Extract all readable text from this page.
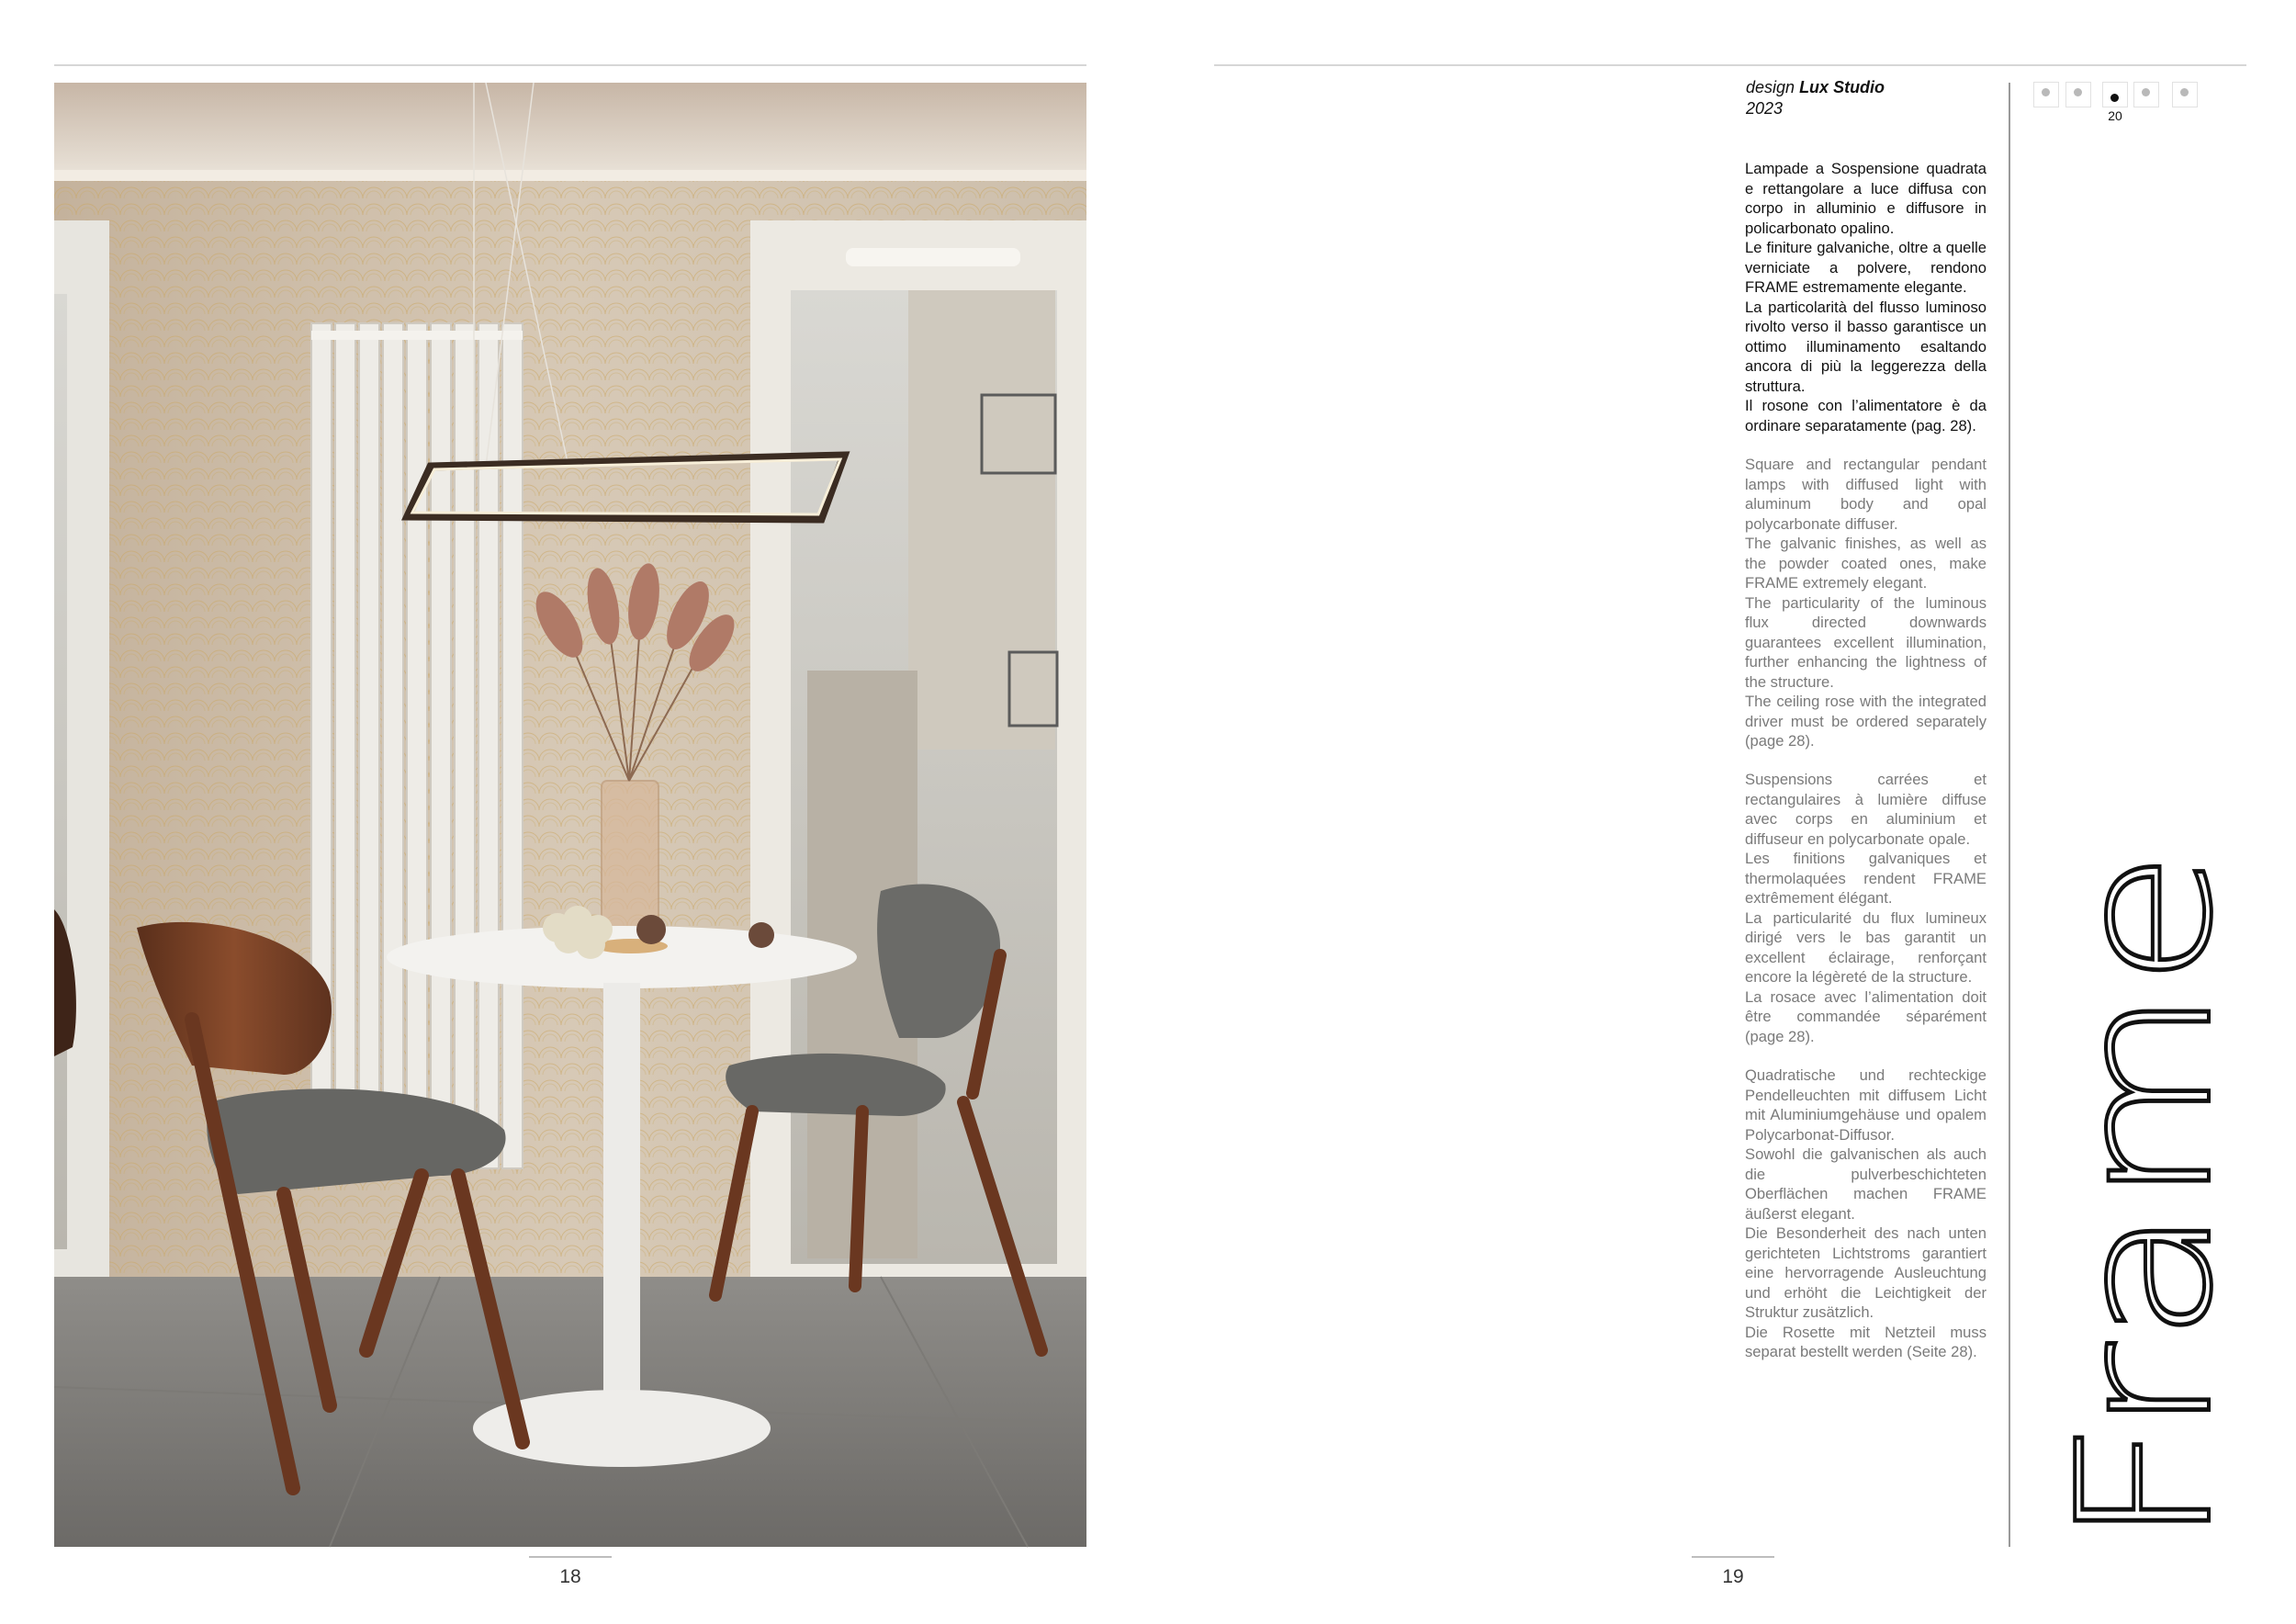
18	19
design Lux Studio
2023

Lampade a Sospensione quadrata e rettangolare a luce diffusa con corpo in alluminio e diffusore in policarbonato opalino.

Le finiture galvaniche, oltre a quelle verniciate a polvere, rendono FRAME estremamente elegante.

La particolarità del flusso luminoso rivolto verso il basso garantisce un ottimo illuminamento esaltando ancora di più la leggerezza della struttura.

Il rosone con l’alimentatore è da ordinare separatamente (pag. 28).

Square and rectangular pendant lamps with diffused light with aluminum body and opal polycarbonate diffuser.

The galvanic finishes, as well as the powder coated ones, make FRAME extremely elegant.

The particularity of the luminous flux directed downwards guarantees excellent illumination, further enhancing the lightness of the structure.

The ceiling rose with the integrated driver must be ordered separately (page 28).

Suspensions carrées et rectangulaires à lumière diffuse avec corps en aluminium et diffuseur en polycarbonate opale.

Les finitions galvaniques et thermolaquées rendent FRAME extrêmement élégant.

La particularité du flux lumineux dirigé vers le bas garantit un excellent éclairage, renforçant encore la légèreté de la structure.

La rosace avec l’alimentation doit être commandée séparément (page 28).

Quadratische und rechteckige Pendelleuchten mit diffusem Licht mit Aluminiumgehäuse und opalem Polycarbonat-Diffusor.

Sowohl die galvanischen als auch die pulverbeschichteten Oberflächen machen FRAME äußerst elegant.

Die Besonderheit des nach unten gerichteten Lichtstroms garantiert eine hervorragende Ausleuchtung und erhöht die Leichtigkeit der Struktur zusätzlich.

Die Rosette mit Netzteil muss separat bestellt werden (Seite 28).

20
Frame
